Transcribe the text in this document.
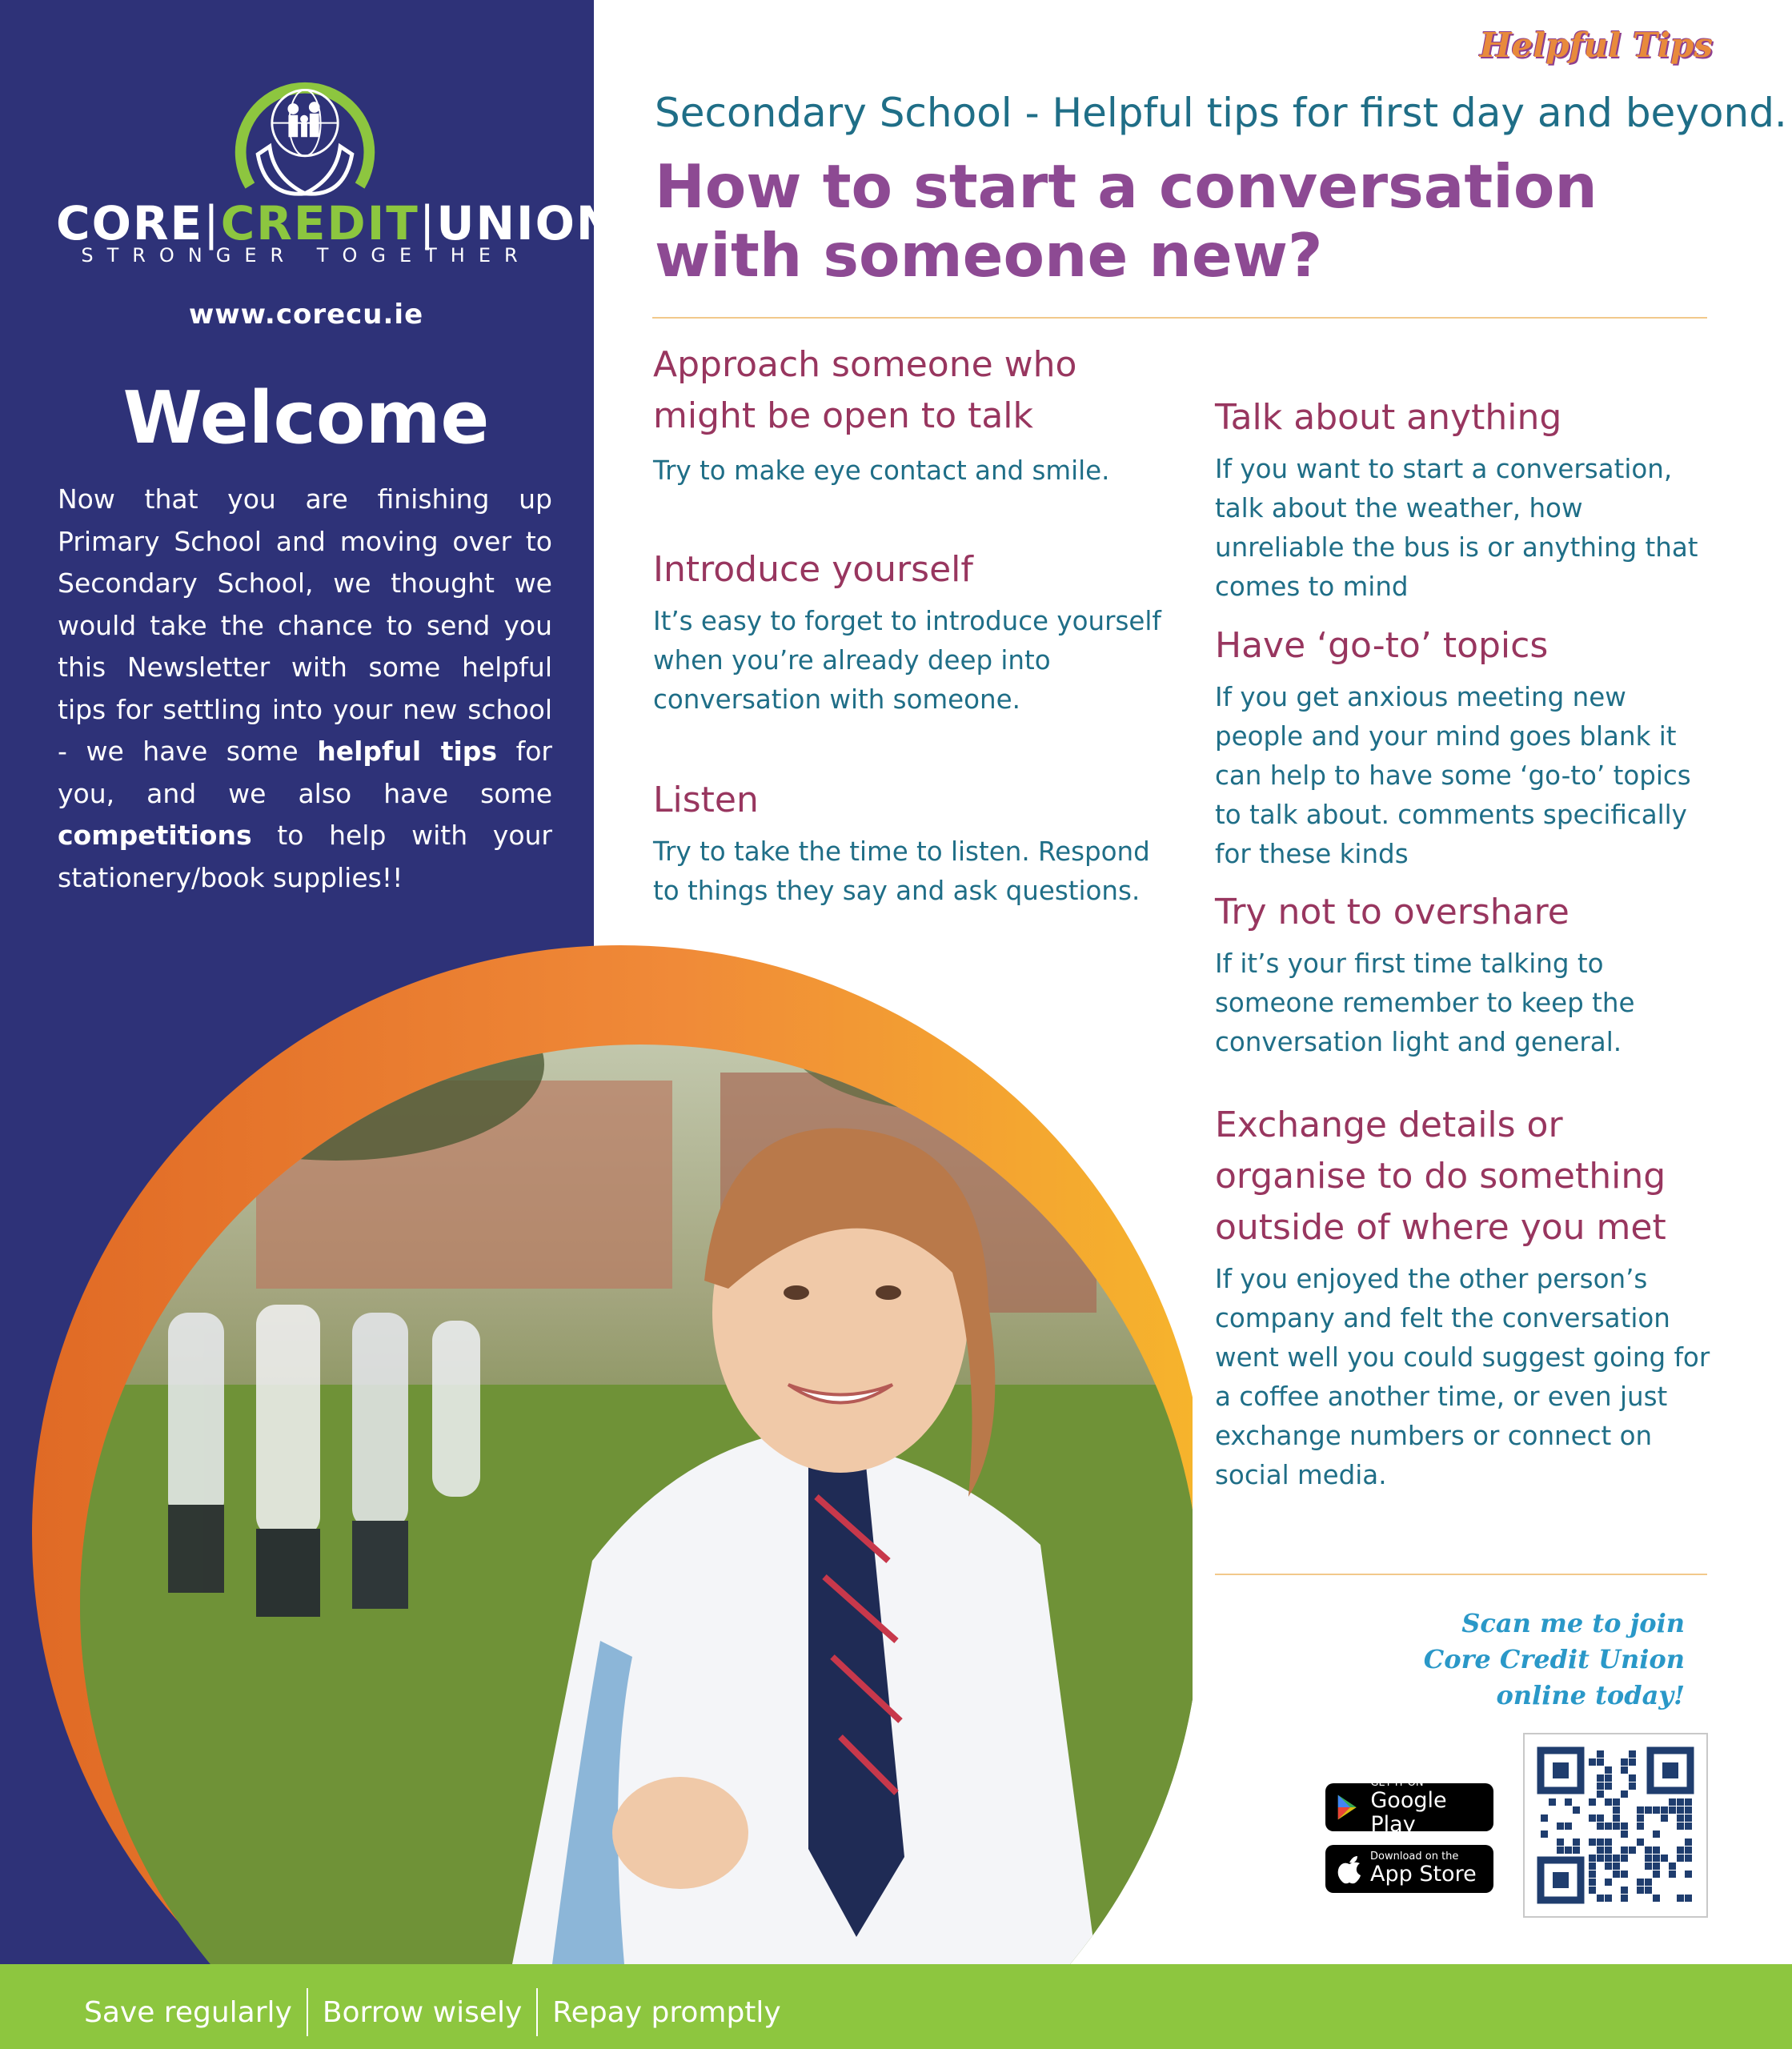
CORE|CREDIT|UNION
STRONGER TOGETHER
www.corecu.ie
Welcome
Now that you are finishing up Primary School and moving over to Secondary School, we thought we would take the chance to send you this Newsletter with some helpful tips for settling into your new school - we have some helpful tips for you, and we also have some competitions to help with your stationery/book supplies!!
Helpful Tips
Secondary School - Helpful tips for first day and beyond.
How to start a conversation
with someone new?
Approach someone who might be open to talk
Try to make eye contact and smile.
Introduce yourself
It’s easy to forget to introduce yourself when you’re already deep into conversation with someone.
Listen
Try to take the time to listen. Respond to things they say and ask questions.
Talk about anything
If you want to start a conversation, talk about the weather, how unreliable the bus is or anything that comes to mind
Have ‘go-to’ topics
If you get anxious meeting new people and your mind goes blank it can help to have some ‘go-to’ topics to talk about. comments specifically for these kinds
Try not to overshare
If it’s your first time talking to someone remember to keep the conversation light and general.
Exchange details or organise to do something outside of where you met
If you enjoyed the other person’s company and felt the conversation went well you could suggest going for a coffee another time, or even just exchange numbers or connect on social media.
Scan me to join
Core Credit Union
online today!
GET IT ON
Google Play
Download on the
App Store
Save regularly Borrow wisely Repay promptly
